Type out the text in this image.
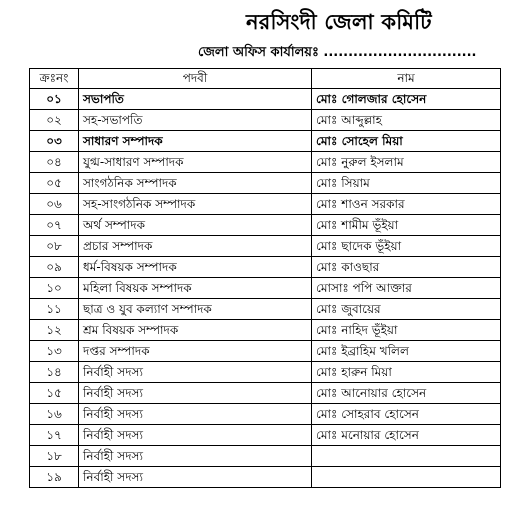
নরসিংদী জেলা কমিটি
জেলা অফিস কার্যালয়ঃ ...............................
ক্রঃনং	পদবী	নাম
০১	সভাপতি	মোঃ গোলজার হোসেন
০২	সহ-সভাপতি	মোঃ আব্দুল্লাহ
০৩	সাধারণ সম্পাদক	মোঃ সোহেল মিয়া
০৪	যুগ্ম-সাধারণ সম্পাদক	মোঃ নুরুল ইসলাম
০৫	সাংগঠনিক সম্পাদক	মোঃ সিয়াম
০৬	সহ-সাংগঠনিক সম্পাদক	মোঃ শাওন সরকার
০৭	অর্থ সম্পাদক	মোঃ শামীম ভূঁইয়া
০৮	প্রচার সম্পাদক	মোঃ ছাদেক ভূঁইয়া
০৯	ধর্ম-বিষয়ক সম্পাদক	মোঃ কাওছার
১০	মহিলা বিষয়ক সম্পাদক	মোসাঃ পপি আক্তার
১১	ছাত্র ও যুব কল্যাণ সম্পাদক	মোঃ জুবায়ের
১২	শ্রম বিষয়ক সম্পাদক	মোঃ নাহিদ ভূঁইয়া
১৩	দপ্তর সম্পাদক	মোঃ ইব্রাহিম খলিল
১৪	নির্বাহী সদস্য	মোঃ হারুন মিয়া
১৫	নির্বাহী সদস্য	মোঃ আনোয়ার হোসেন
১৬	নির্বাহী সদস্য	মোঃ সোহরাব হোসেন
১৭	নির্বাহী সদস্য	মোঃ মনোয়ার হোসেন
১৮	নির্বাহী সদস্য	
১৯	নির্বাহী সদস্য	
